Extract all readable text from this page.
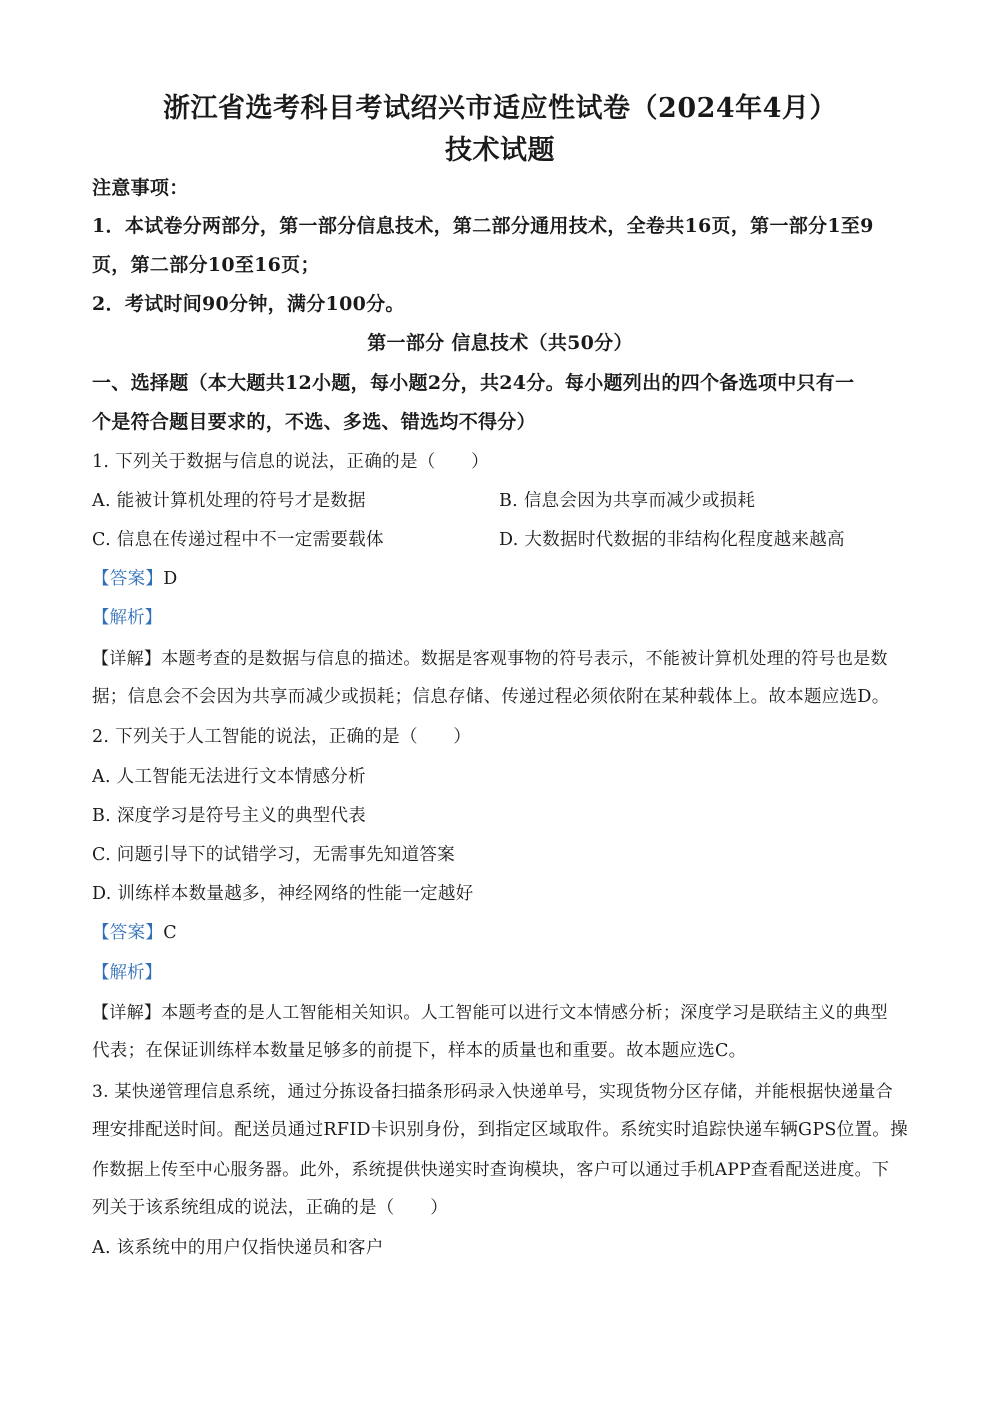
浙江省选考科目考试绍兴市适应性试卷（2024年4月）
技术试题
注意事项：
1．本试卷分两部分，第一部分信息技术，第二部分通用技术，全卷共16页，第一部分1至9
页，第二部分10至16页；
2．考试时间90分钟，满分100分。
第一部分 信息技术（共50分）
一、选择题（本大题共12小题，每小题2分，共24分。每小题列出的四个备选项中只有一
个是符合题目要求的，不选、多选、错选均不得分）
1. 下列关于数据与信息的说法，正确的是（　　）
A. 能被计算机处理的符号才是数据	B. 信息会因为共享而减少或损耗
C. 信息在传递过程中不一定需要载体	D. 大数据时代数据的非结构化程度越来越高
【答案】D
【解析】
【详解】本题考查的是数据与信息的描述。数据是客观事物的符号表示，不能被计算机处理的符号也是数
据；信息会不会因为共享而减少或损耗；信息存储、传递过程必须依附在某种载体上。故本题应选D。
2. 下列关于人工智能的说法，正确的是（　　）
A. 人工智能无法进行文本情感分析
B. 深度学习是符号主义的典型代表
C. 问题引导下的试错学习，无需事先知道答案
D. 训练样本数量越多，神经网络的性能一定越好
【答案】C
【解析】
【详解】本题考查的是人工智能相关知识。人工智能可以进行文本情感分析；深度学习是联结主义的典型
代表；在保证训练样本数量足够多的前提下，样本的质量也和重要。故本题应选C。
3. 某快递管理信息系统，通过分拣设备扫描条形码录入快递单号，实现货物分区存储，并能根据快递量合
理安排配送时间。配送员通过RFID卡识别身份，到指定区域取件。系统实时追踪快递车辆GPS位置。操
作数据上传至中心服务器。此外，系统提供快递实时查询模块，客户可以通过手机APP查看配送进度。下
列关于该系统组成的说法，正确的是（　　）
A. 该系统中的用户仅指快递员和客户
